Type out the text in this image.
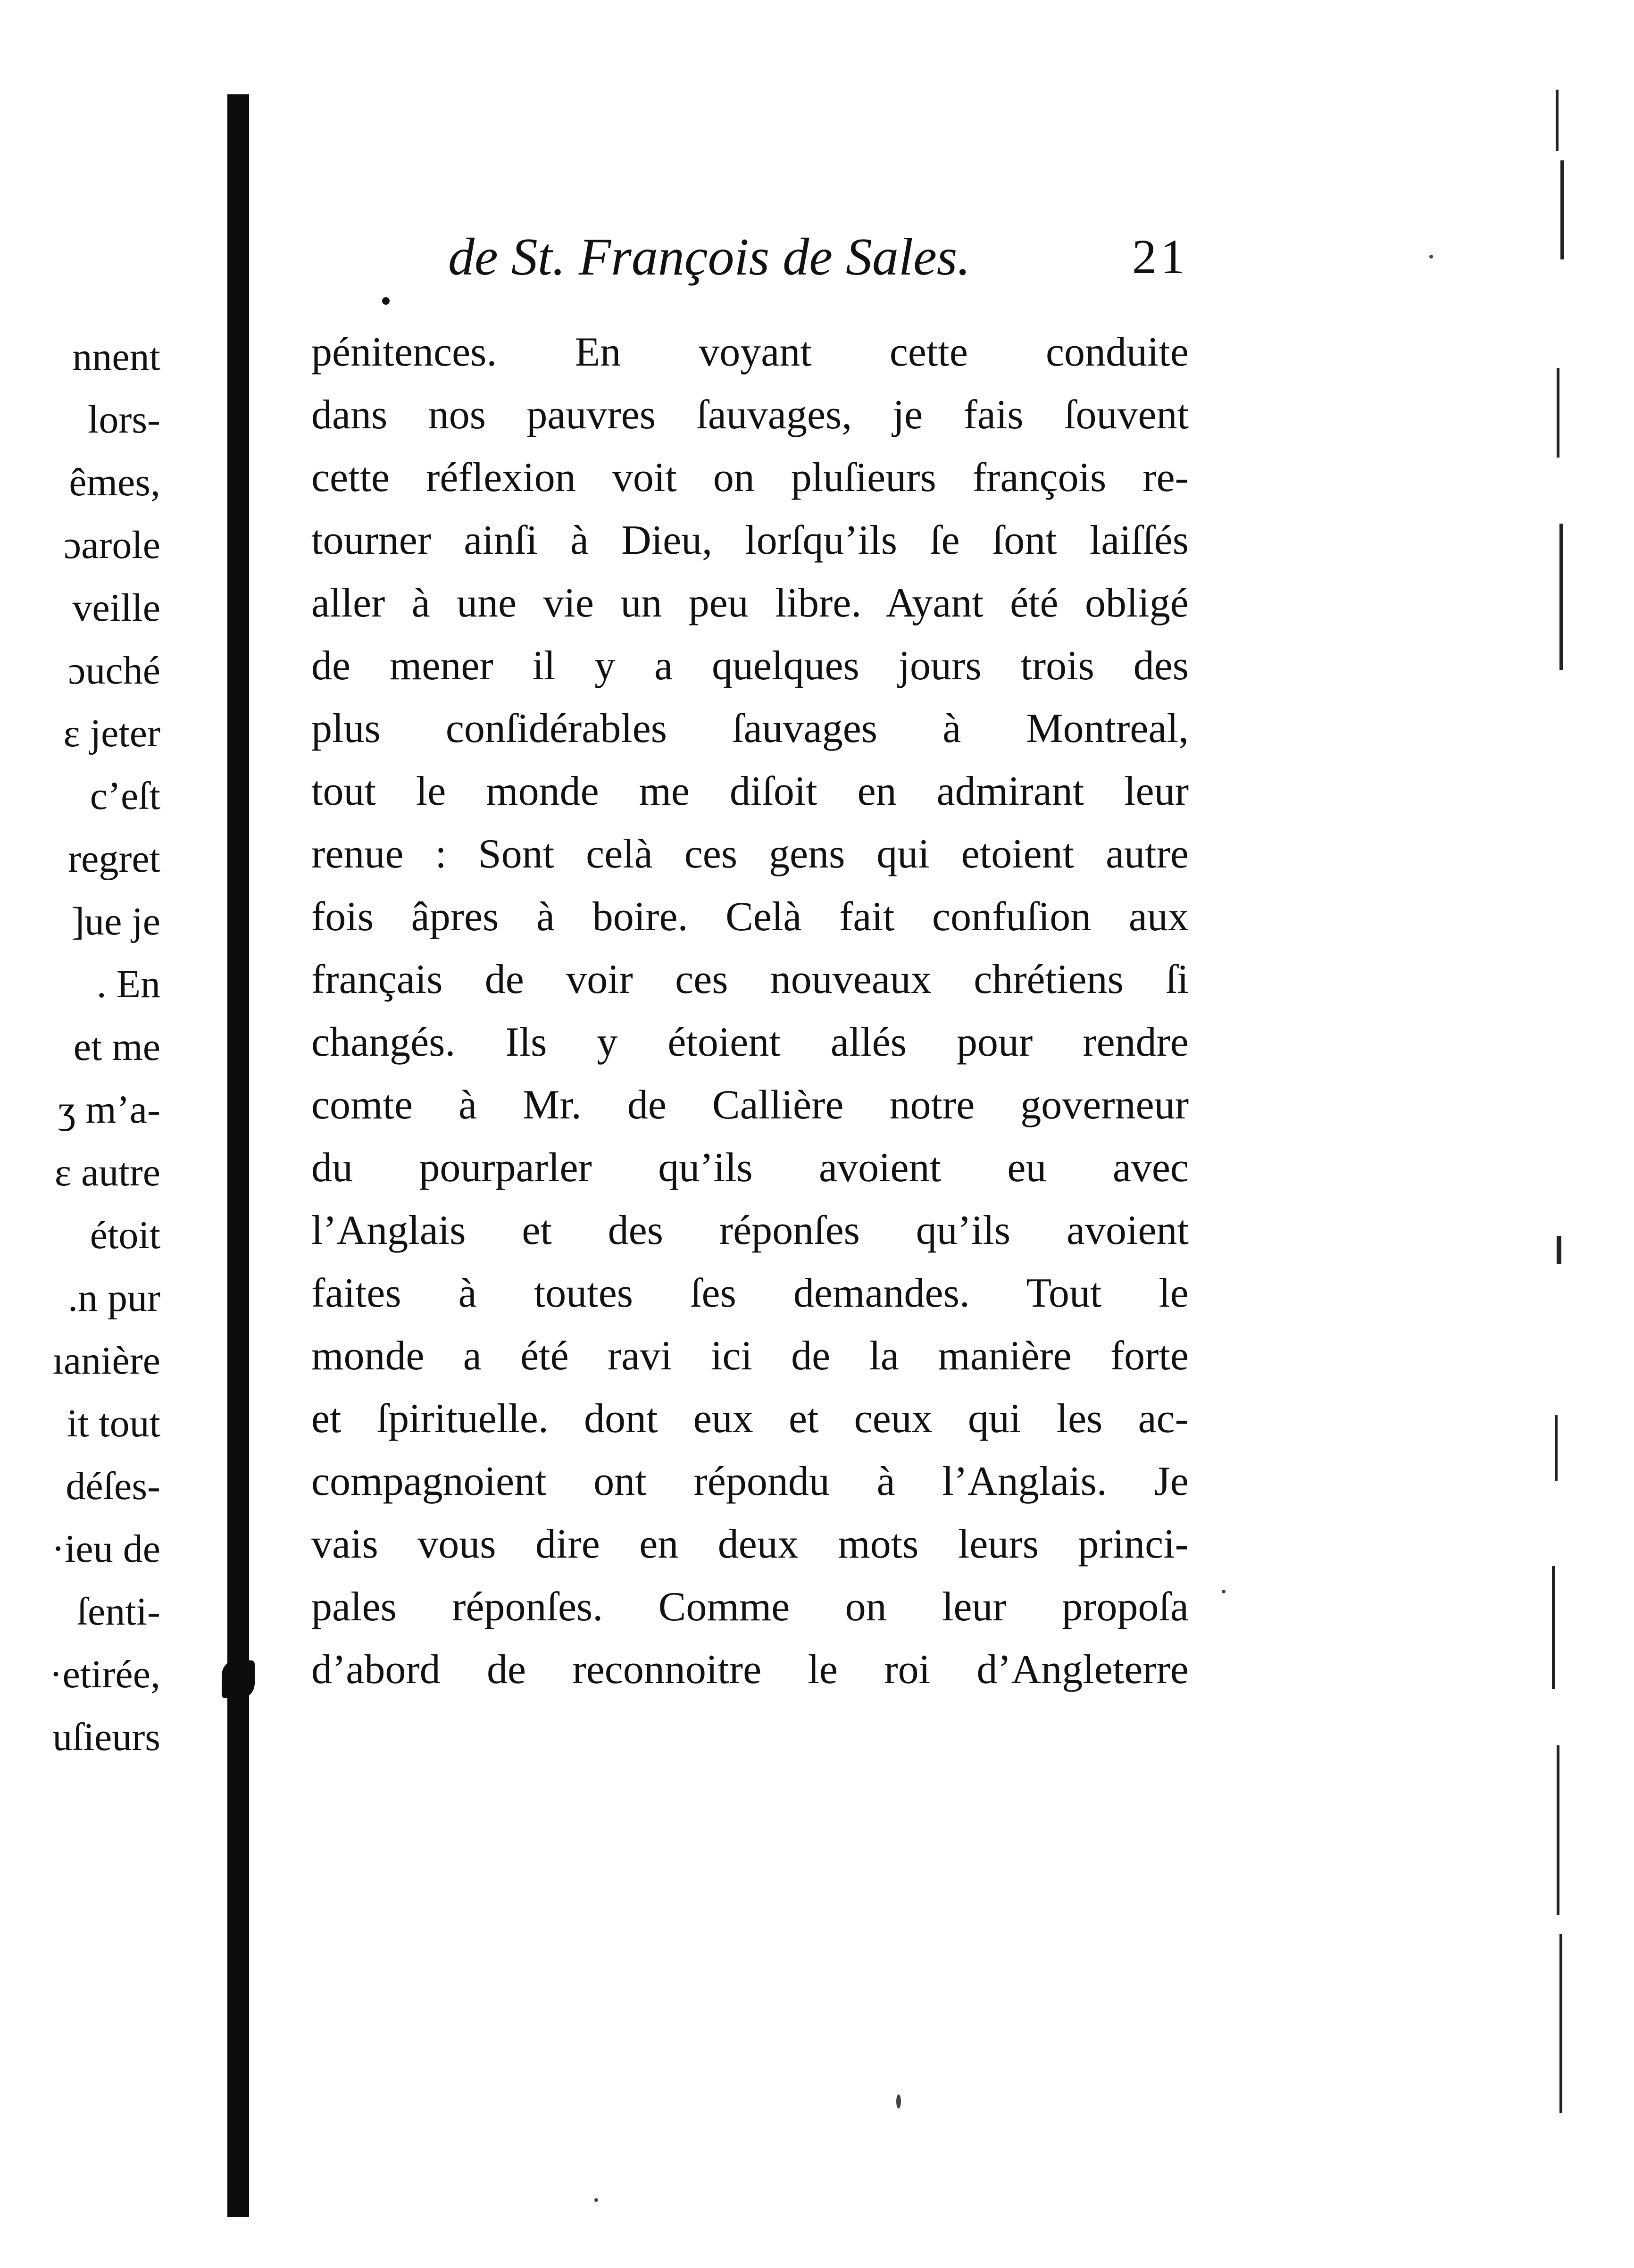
nnent
lors-
êmes,
ɔarole
veille
ɔuché
ɛ jeter
c’eſt
regret
]ue je
. En
et me
ʒ m’a-
ɛ autre
étoit
.n pur
ıanière
it tout
déſes-
·ieu de
ſenti-
·etirée,
uſieurs
de St. François de Sales.	21
pénitences. En voyant cette conduite
dans nos pauvres ſauvages, je fais ſouvent
cette réflexion voit on pluſieurs françois re-
tourner ainſi à Dieu, lorſqu’ils ſe ſont laiſſés
aller à une vie un peu libre. Ayant été obligé
de mener il y a quelques jours trois des
plus conſidérables ſauvages à Montreal,
tout le monde me diſoit en admirant leur
renue : Sont celà ces gens qui etoient autre
fois âpres à boire. Celà fait confuſion aux
français de voir ces nouveaux chrétiens ſi
changés. Ils y étoient allés pour rendre
comte à Mr. de Callière notre governeur
du pourparler qu’ils avoient eu avec
l’Anglais et des réponſes qu’ils avoient
faites à toutes ſes demandes. Tout le
monde a été ravi ici de la manière forte
et ſpirituelle. dont eux et ceux qui les ac-
compagnoient ont répondu à l’Anglais. Je
vais vous dire en deux mots leurs princi-
pales réponſes. Comme on leur propoſa
d’abord de reconnoitre le roi d’Angleterre
